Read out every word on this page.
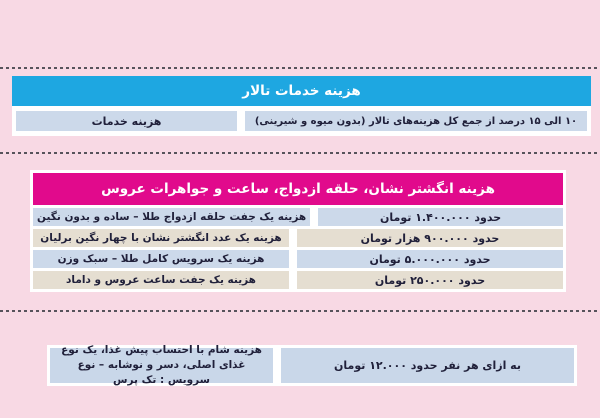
هزینه خدمات تالار
۱۰ الی ۱۵ درصد از جمع کل هزینه‌های تالار (بدون میوه و شیرینی)
هزینه خدمات
هزینه انگشتر نشان، حلقه ازدواج، ساعت و جواهرات عروس
حدود ۱.۴۰۰.۰۰۰ تومان
هزینه یک جفت حلقه ازدواج طلا – ساده و بدون نگین
حدود ۹۰۰.۰۰۰ هزار تومان
هزینه یک عدد انگشتر نشان با چهار نگین برلیان
حدود ۵.۰۰۰.۰۰۰ تومان
هزینه یک سرویس کامل طلا – سبک وزن
حدود ۲۵۰.۰۰۰ تومان
هزینه یک جفت ساعت عروس و داماد
به ازای هر نفر حدود ۱۲.۰۰۰ تومان
هزینه شام با احتساب پیش غذا، یک نوع غذای اصلی، دسر و نوشابه – نوع سرویس : تک پرس
